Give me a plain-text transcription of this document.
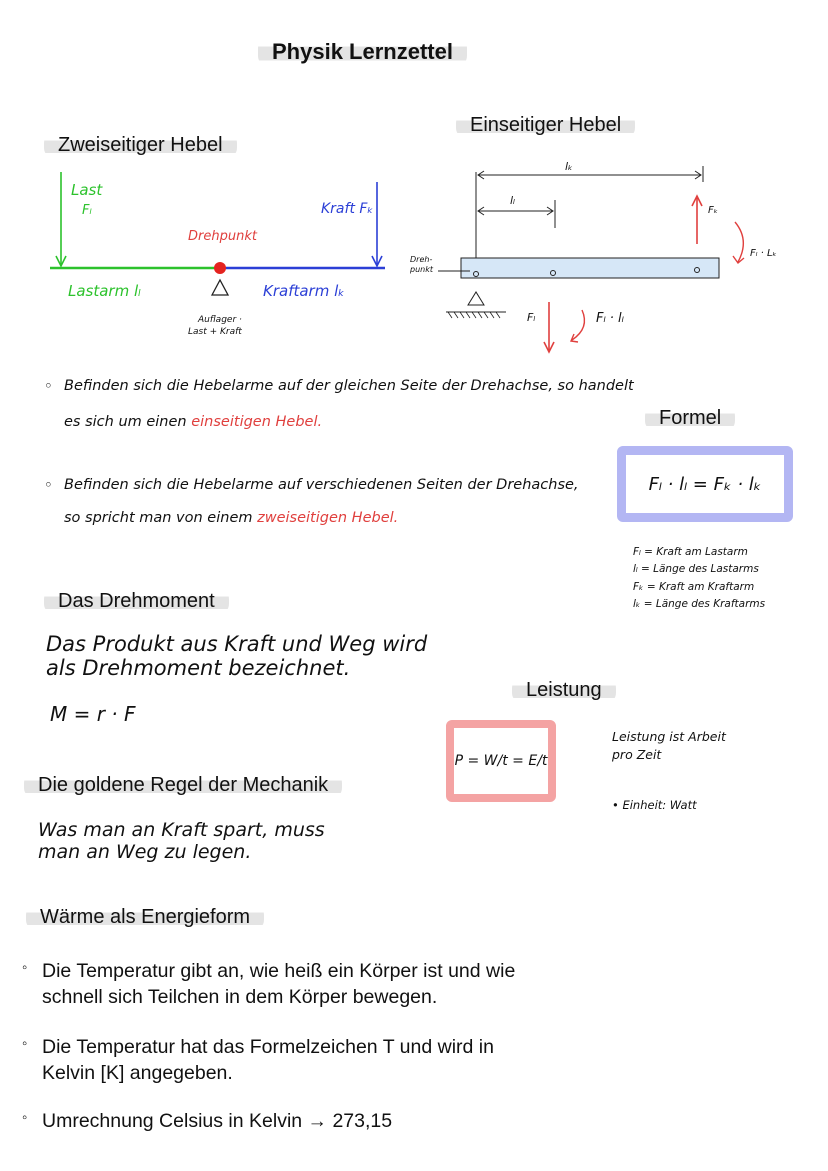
Physik Lernzettel
Zweiseitiger Hebel
Last
Fₗ	Kraft Fₖ
Drehpunkt
Lastarm lₗ	Kraftarm lₖ
Auflager ·
Last + Kraft
Einseitiger Hebel
lₖ
lₗ
Fₖ
Fₗ · Lₖ
Dreh-
punkt
Fₗ	Fₗ · lₗ
◦ Befinden sich die Hebelarme auf der gleichen Seite der Drehachse, so handelt
es sich um einen einseitigen Hebel.
◦ Befinden sich die Hebelarme auf verschiedenen Seiten der Drehachse,
so spricht man von einem zweiseitigen Hebel.
Formel
Fₗ · lₗ = Fₖ · lₖ
Fₗ = Kraft am Lastarm
lₗ = Länge des Lastarms
Fₖ = Kraft am Kraftarm
lₖ = Länge des Kraftarms
Das Drehmoment
Das Produkt aus Kraft und Weg wird
als Drehmoment bezeichnet.
M = r · F
Leistung
P = W/t = E/t
Leistung ist Arbeit
pro Zeit
• Einheit: Watt
Die goldene Regel der Mechanik
Was man an Kraft spart, muss
man an Weg zu legen.
Wärme als Energieform
◦ Die Temperatur gibt an, wie heiß ein Körper ist und wie
schnell sich Teilchen in dem Körper bewegen.
◦ Die Temperatur hat das Formelzeichen T und wird in
Kelvin [K] angegeben.
◦ Umrechnung Celsius in Kelvin → 273,15
